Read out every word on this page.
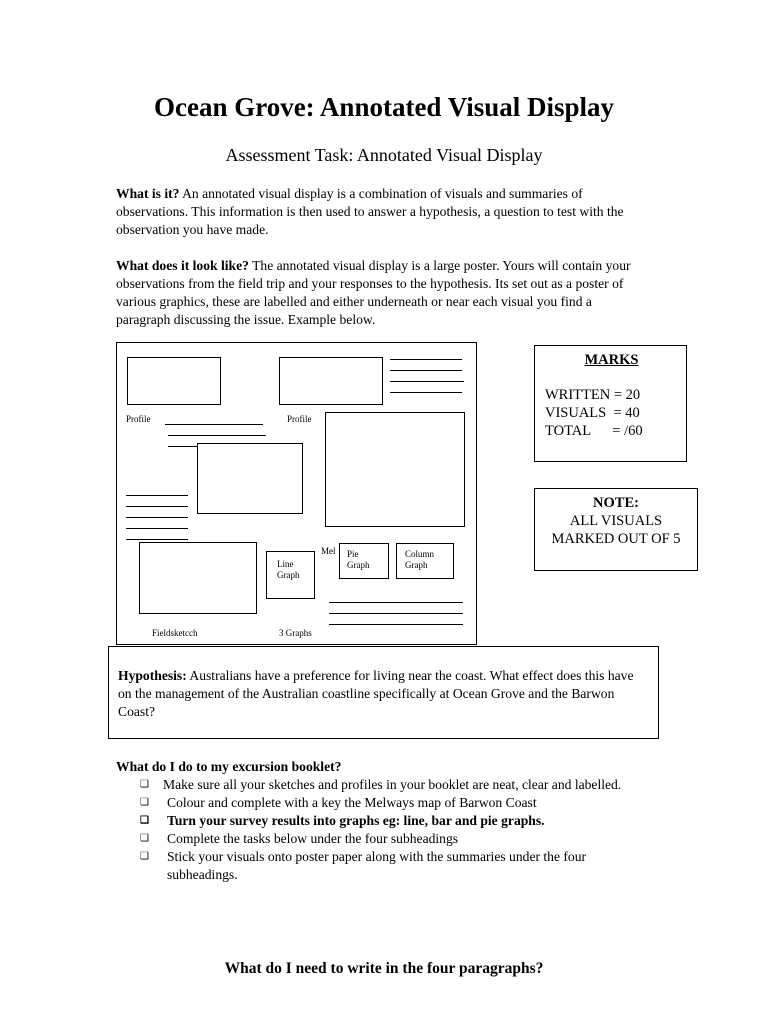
Ocean Grove: Annotated Visual Display
Assessment Task: Annotated Visual Display
What is it? An annotated visual display is a combination of visuals and summaries of observations. This information is then used to answer a hypothesis, a question to test with the observation you have made.
What does it look like? The annotated visual display is a large poster. Yours will contain your observations from the field trip and your responses to the hypothesis. Its set out as a poster of various graphics, these are labelled and either underneath or near each visual you find a paragraph discussing the issue. Example below.
Profile	Profile
Mel
Line Graph
Pie Graph
Column Graph
Fieldsketcch	3 Graphs
MARKS
WRITTEN = 20
VISUALS  = 40
TOTAL      = /60
NOTE:
ALL VISUALS
MARKED OUT OF 5
Hypothesis: Australians have a preference for living near the coast. What effect does this have on the management of the Australian coastline specifically at Ocean Grove and the Barwon Coast?
What do I do to my excursion booklet?
❑ Make sure all your sketches and profiles in your booklet are neat, clear and labelled.
❑ Colour and complete with a key the Melways map of Barwon Coast
❑ Turn your survey results into graphs eg: line, bar and pie graphs.
❑ Complete the tasks below under the four subheadings
❑ Stick your visuals onto poster paper along with the summaries under the four subheadings.
What do I need to write in the four paragraphs?
